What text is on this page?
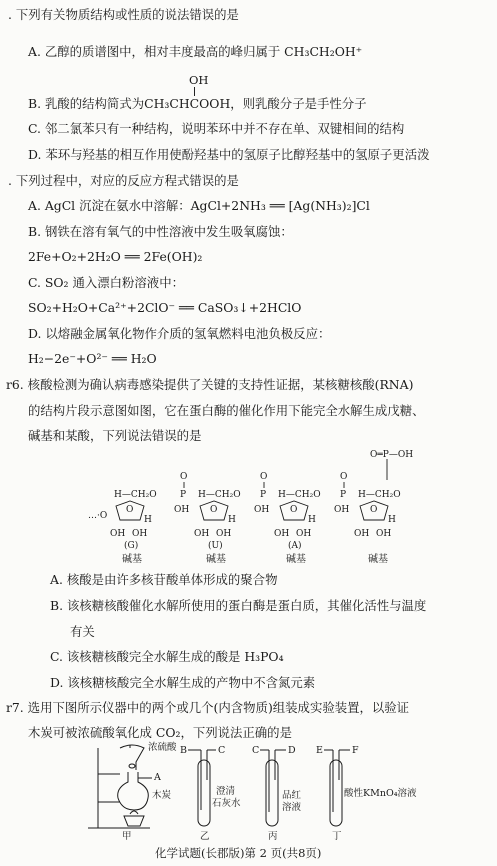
. 下列有关物质结构或性质的说法错误的是
A. 乙醇的质谱图中，相对丰度最高的峰归属于 CH₃CH₂OH⁺
OH
B. 乳酸的结构简式为CH₃CHCOOH，则乳酸分子是手性分子
C. 邻二氯苯只有一种结构，说明苯环中并不存在单、双键相间的结构
D. 苯环与羟基的相互作用使酚羟基中的氢原子比醇羟基中的氢原子更活泼
. 下列过程中，对应的反应方程式错误的是
A. AgCl 沉淀在氨水中溶解：AgCl+2NH₃ ══ [Ag(NH₃)₂]Cl
B. 钢铁在溶有氧气的中性溶液中发生吸氧腐蚀：
2Fe+O₂+2H₂O ══ 2Fe(OH)₂
C. SO₂ 通入漂白粉溶液中：
SO₂+H₂O+Ca²⁺+2ClO⁻ ══ CaSO₃↓+2HClO
D. 以熔融金属氧化物作介质的氢氧燃料电池负极反应：
H₂−2e⁻+O²⁻ ══ H₂O
r6. 核酸检测为确认病毒感染提供了关键的支持性证据，某核糖核酸(RNA)
的结构片段示意图如图，它在蛋白酶的催化作用下能完全水解生成戊糖、
碱基和某酸，下列说法错误的是
O═P—OH
O
P
OH
O
P
OH
O
P
OH
H—CH₂O
O
…·O
OH OH
H
(G)
H—CH₂O
O
OH OH
H
(U)
H—CH₂O
O
OH OH
H
(A)
H—CH₂O
O
OH OH
H
碱基	碱基	碱基	碱基
A. 核酸是由许多核苷酸单体形成的聚合物
B. 该核糖核酸催化水解所使用的蛋白酶是蛋白质，其催化活性与温度
有关
C. 该核糖核酸完全水解生成的酸是 H₃PO₄
D. 该核糖核酸完全水解生成的产物中不含氮元素
r7. 选用下图所示仪器中的两个或几个(内含物质)组装成实验装置，以验证
木炭可被浓硫酸氧化成 CO₂，下列说法正确的是
浓硫酸
A
木炭
B	C	C	D E	F
澄清
石灰水
品红
溶液
酸性KMnO₄溶液
甲	乙	丙	丁
化学试题(长郡版)第 2 页(共8页)
